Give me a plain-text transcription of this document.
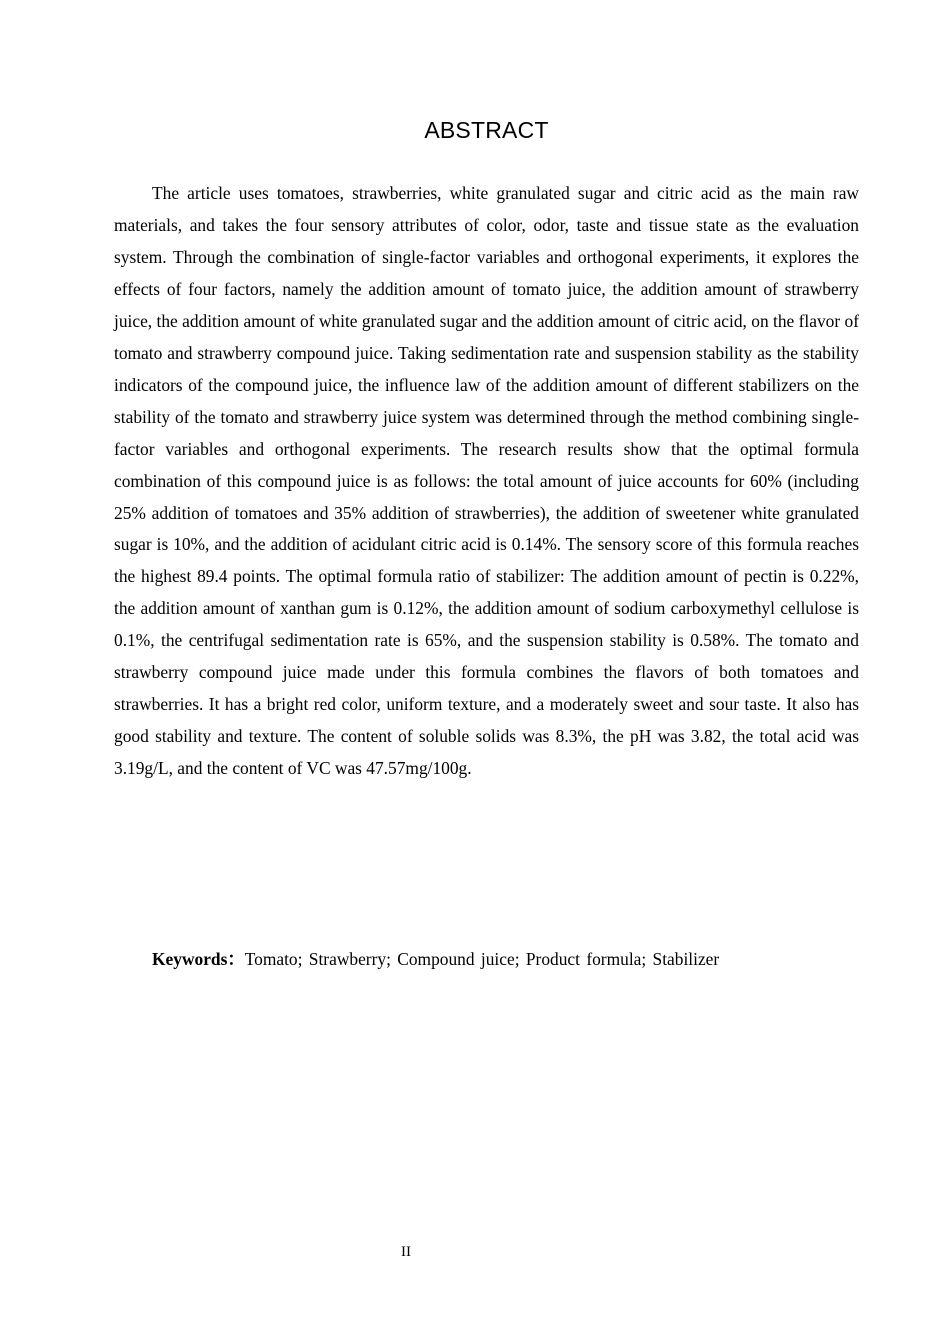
ABSTRACT

The article uses tomatoes, strawberries, white granulated sugar and citric acid as the main raw materials, and takes the four sensory attributes of color, odor, taste and tissue state as the evaluation system. Through the combination of single-factor variables and orthogonal experiments, it explores the effects of four factors, namely the addition amount of tomato juice, the addition amount of strawberry juice, the addition amount of white granulated sugar and the addition amount of citric acid, on the flavor of tomato and strawberry compound juice. Taking sedimentation rate and suspension stability as the stability indicators of the compound juice, the influence law of the addition amount of different stabilizers on the stability of the tomato and strawberry juice system was determined through the method combining single-factor variables and orthogonal experiments. The research results show that the optimal formula combination of this compound juice is as follows: the total amount of juice accounts for 60% (including 25% addition of tomatoes and 35% addition of strawberries), the addition of sweetener white granulated sugar is 10%, and the addition of acidulant citric acid is 0.14%. The sensory score of this formula reaches the highest 89.4 points. The optimal formula ratio of stabilizer: The addition amount of pectin is 0.22%, the addition amount of xanthan gum is 0.12%, the addition amount of sodium carboxymethyl cellulose is 0.1%, the centrifugal sedimentation rate is 65%, and the suspension stability is 0.58%. The tomato and strawberry compound juice made under this formula combines the flavors of both tomatoes and strawberries. It has a bright red color, uniform texture, and a moderately sweet and sour taste. It also has good stability and texture. The content of soluble solids was 8.3%, the pH was 3.82, the total acid was 3.19g/L, and the content of VC was 47.57mg/100g.

Keywords：Tomato; Strawberry; Compound juice; Product formula; Stabilizer
II
